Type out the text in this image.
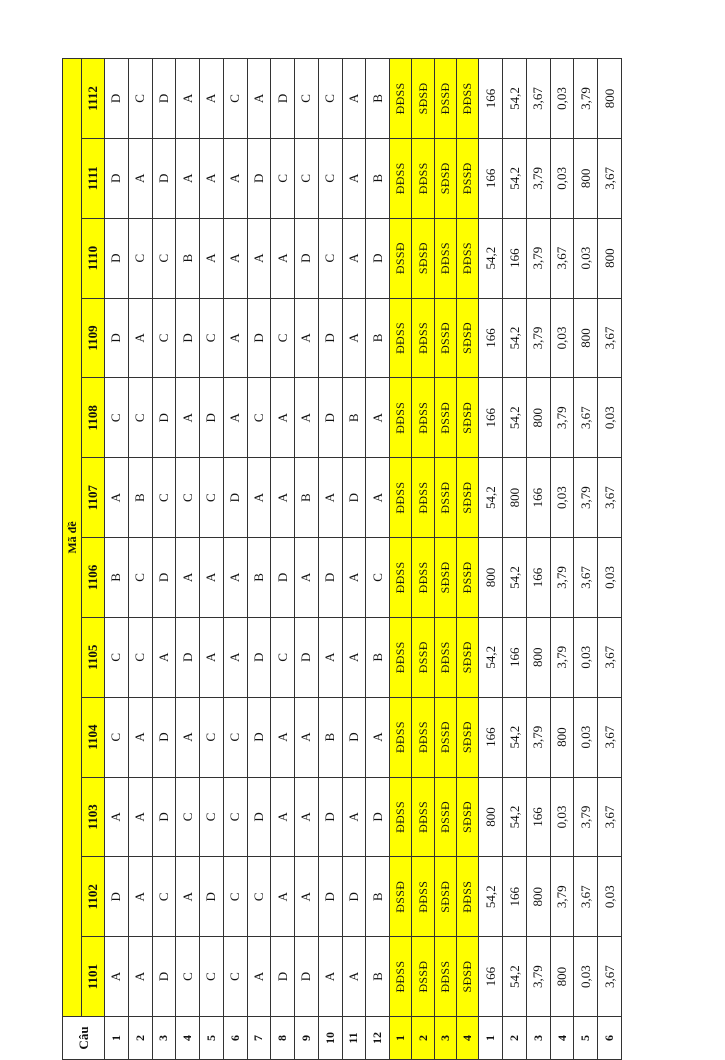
Câu	Mã đề											
	1101	1102	1103	1104	1105	1106	1107	1108	1109	1110	1111	1112
1	A	D	A	C	C	B	A	C	D	D	D	D
2	A	A	A	A	C	C	B	C	A	C	A	C
3	D	C	D	D	A	D	C	D	C	C	D	D
4	C	A	C	A	D	A	C	A	D	B	A	A
5	C	D	C	C	A	A	C	D	C	A	A	A
6	C	C	C	C	A	A	D	A	A	A	A	C
7	A	C	D	D	D	B	A	C	D	A	D	A
8	D	A	A	A	C	D	A	A	C	A	C	D
9	D	A	A	A	D	A	B	A	A	D	C	C
10	A	D	D	B	A	D	A	D	D	C	C	C
11	A	D	A	D	A	A	D	B	A	A	A	A
12	B	B	D	A	B	C	A	A	B	D	B	B
1	ĐĐSS	ĐSSĐ	ĐĐSS	ĐĐSS	ĐĐSS	ĐĐSS	ĐĐSS	ĐĐSS	ĐĐSS	ĐSSĐ	ĐĐSS	ĐĐSS
2	ĐSSĐ	ĐĐSS	ĐĐSS	ĐĐSS	ĐSSĐ	ĐĐSS	ĐĐSS	ĐĐSS	ĐĐSS	SĐSĐ	ĐĐSS	SĐSĐ
3	ĐĐSS	SĐSĐ	ĐSSĐ	ĐSSĐ	ĐĐSS	SĐSĐ	ĐSSĐ	ĐSSĐ	ĐSSĐ	ĐĐSS	SĐSĐ	ĐSSĐ
4	SĐSĐ	ĐĐSS	SĐSĐ	SĐSĐ	SĐSĐ	ĐSSĐ	SĐSĐ	SĐSĐ	SĐSĐ	ĐĐSS	ĐSSĐ	ĐĐSS
1	166	54,2	800	166	54,2	800	54,2	166	166	54,2	166	166
2	54,2	166	54,2	54,2	166	54,2	800	54,2	54,2	166	54,2	54,2
3	3,79	800	166	3,79	800	166	166	800	3,79	3,79	3,79	3,67
4	800	3,79	0,03	800	3,79	3,79	0,03	3,79	0,03	3,67	0,03	0,03
5	0,03	3,67	3,79	0,03	0,03	3,67	3,79	3,67	800	0,03	800	3,79
6	3,67	0,03	3,67	3,67	3,67	0,03	3,67	0,03	3,67	800	3,67	800
